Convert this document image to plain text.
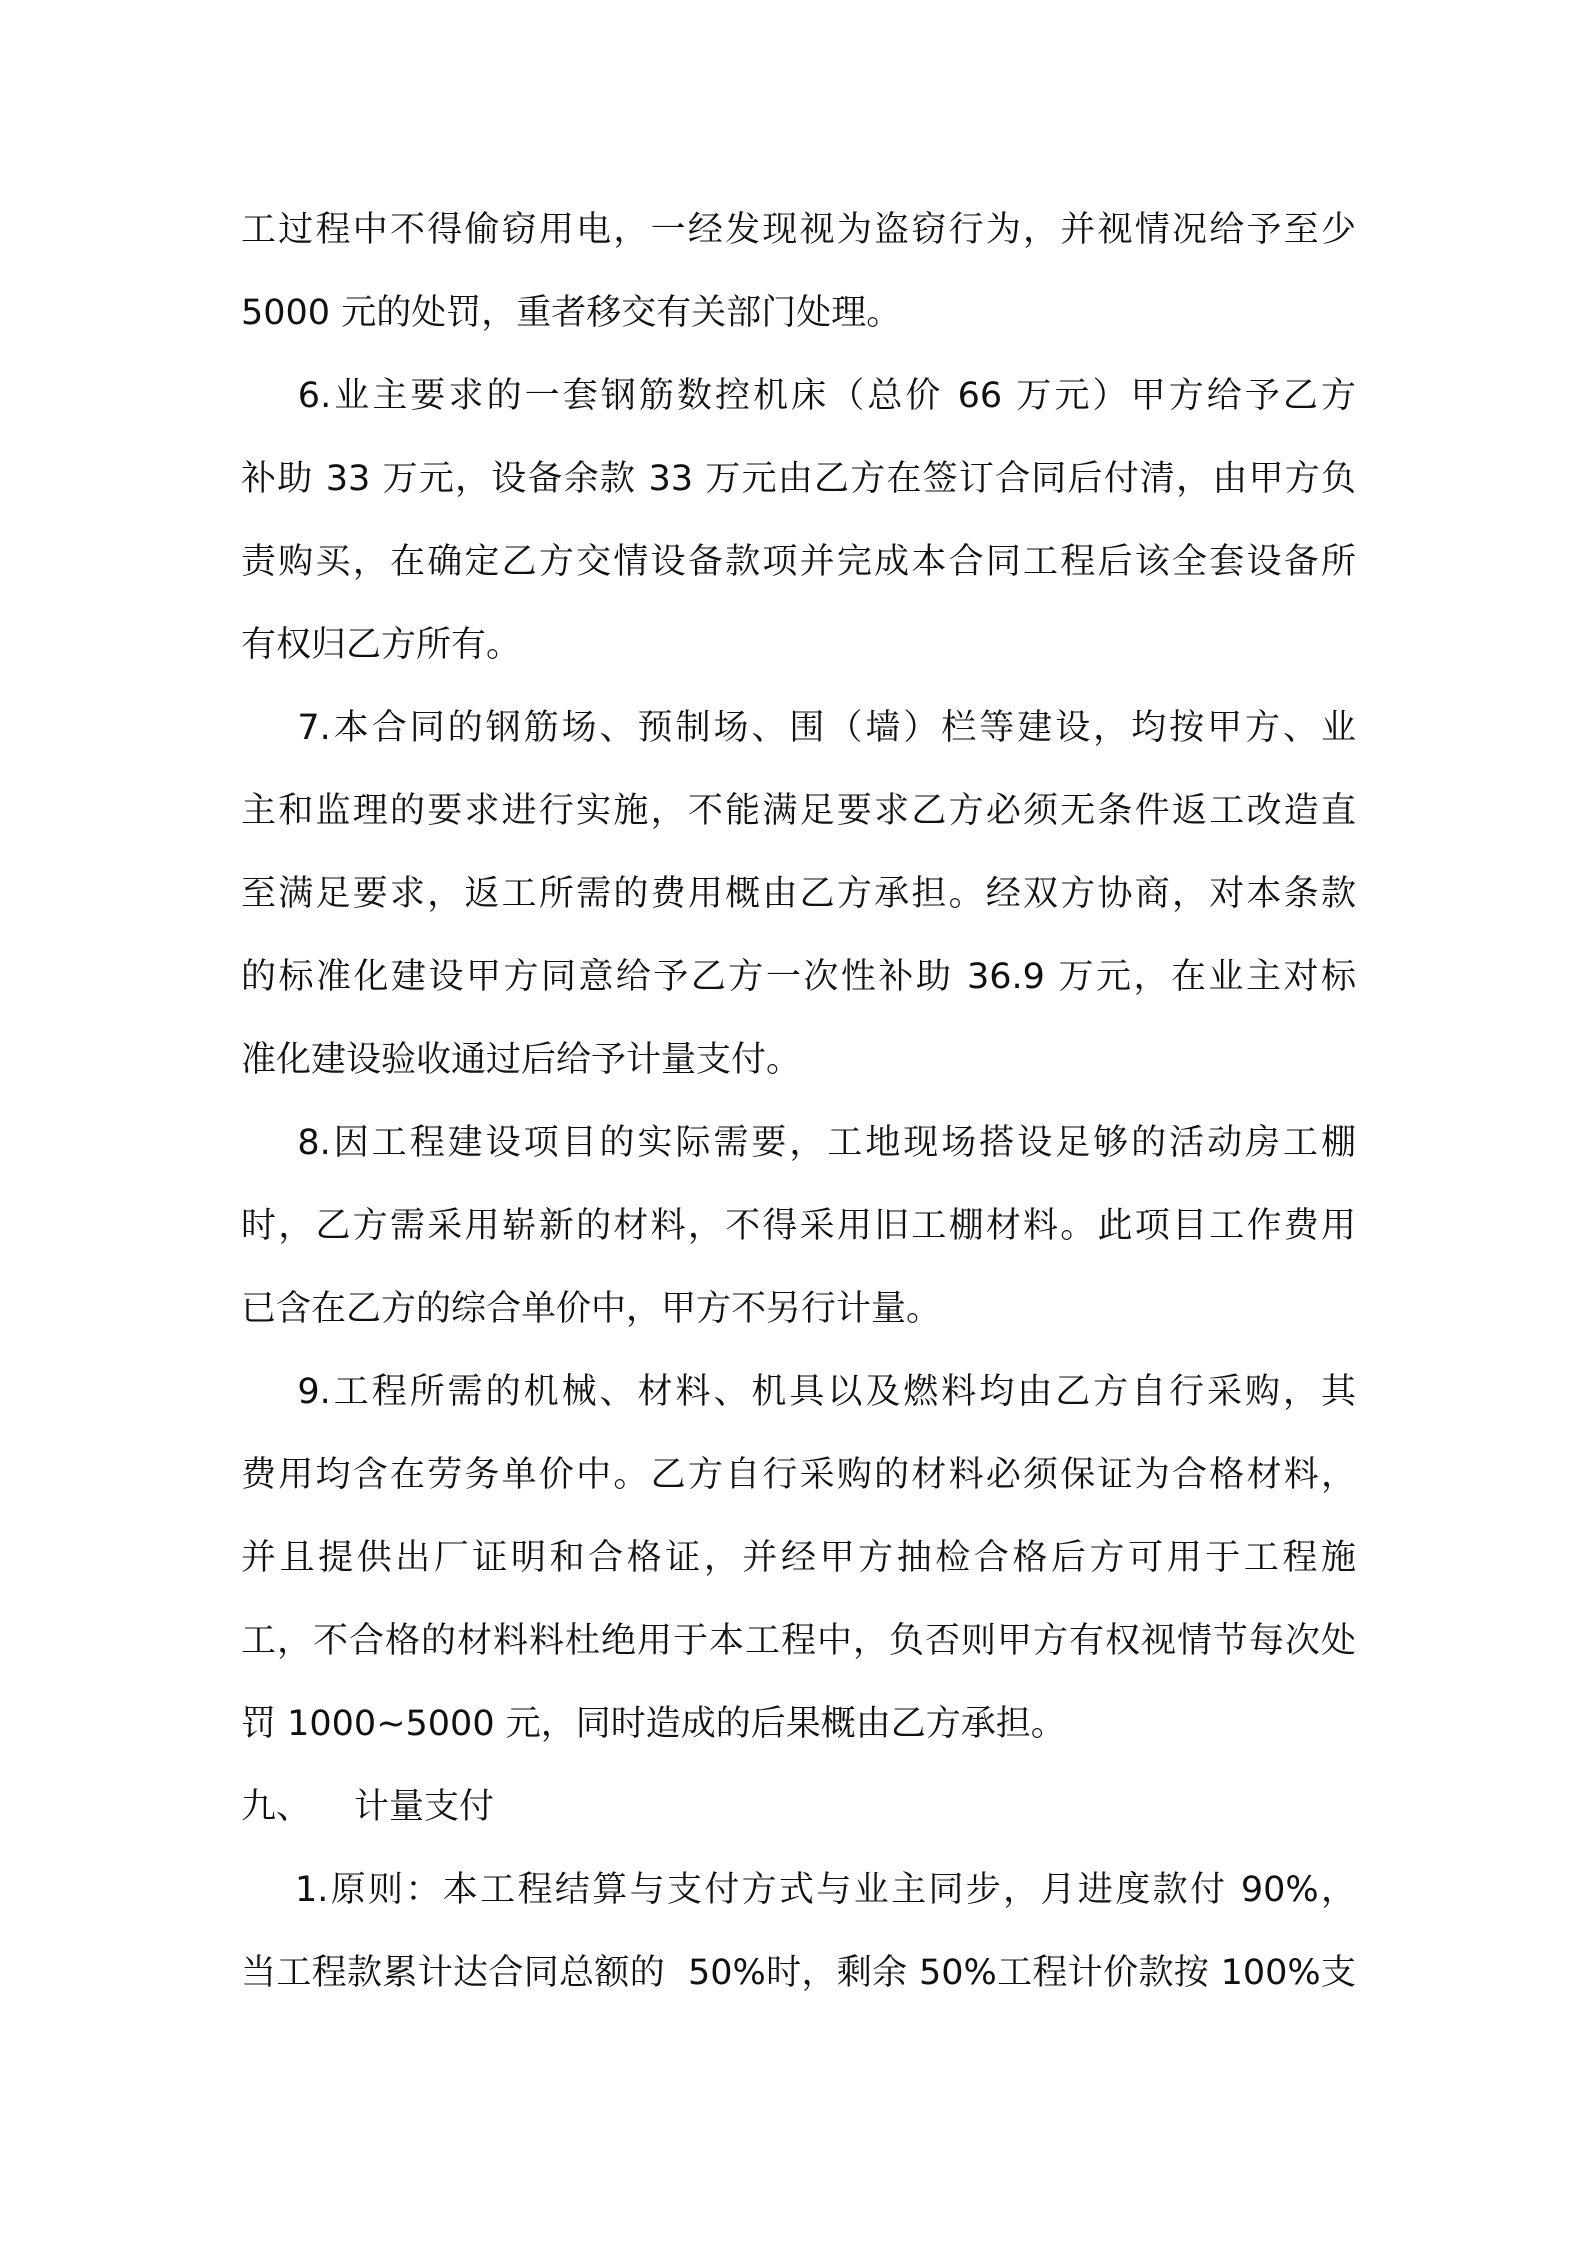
工过程中不得偷窃用电，一经发现视为盗窃行为，并视情况给予至少
5000 元的处罚，重者移交有关部门处理。
6.业主要求的一套钢筋数控机床（总价 66 万元）甲方给予乙方
补助 33 万元，设备余款 33 万元由乙方在签订合同后付清，由甲方负
责购买，在确定乙方交情设备款项并完成本合同工程后该全套设备所
有权归乙方所有。
7.本合同的钢筋场、预制场、围（墙）栏等建设，均按甲方、业
主和监理的要求进行实施，不能满足要求乙方必须无条件返工改造直
至满足要求，返工所需的费用概由乙方承担。经双方协商，对本条款
的标准化建设甲方同意给予乙方一次性补助 36.9 万元，在业主对标
准化建设验收通过后给予计量支付。
8.因工程建设项目的实际需要，工地现场搭设足够的活动房工棚
时，乙方需采用崭新的材料，不得采用旧工棚材料。此项目工作费用
已含在乙方的综合单价中，甲方不另行计量。
9.工程所需的机械、材料、机具以及燃料均由乙方自行采购，其
费用均含在劳务单价中。乙方自行采购的材料必须保证为合格材料，
并且提供出厂证明和合格证，并经甲方抽检合格后方可用于工程施
工，不合格的材料料杜绝用于本工程中，负否则甲方有权视情节每次处
罚 1000~5000 元，同时造成的后果概由乙方承担。
九、	计量支付
1.原则：本工程结算与支付方式与业主同步，月进度款付 90%，
当工程款累计达合同总额的  50%时，剩余 50%工程计价款按 100%支
